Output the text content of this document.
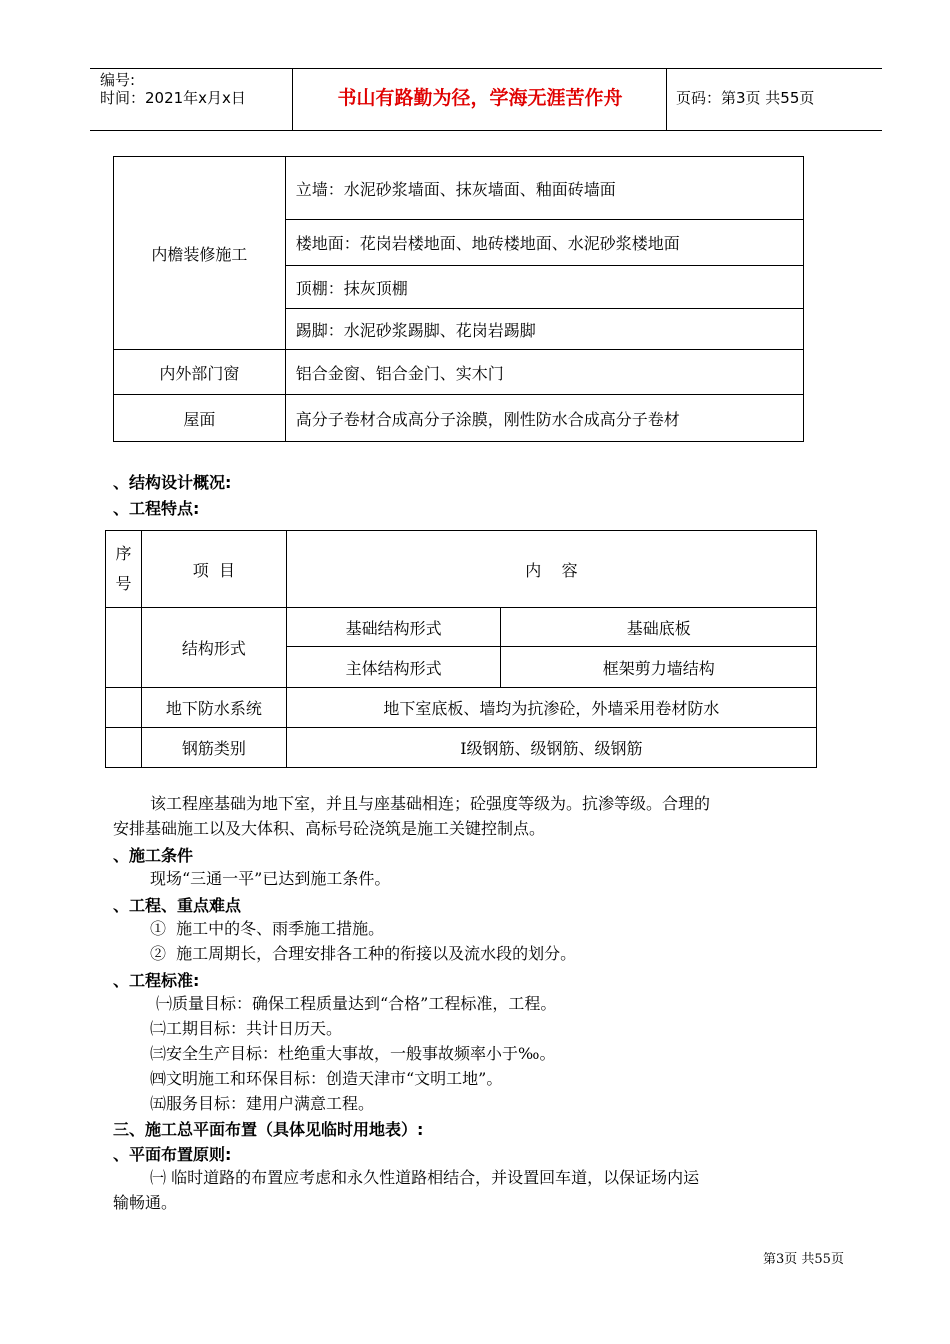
编号:
时间：2021年x月x日	书山有路勤为径，学海无涯苦作舟	页码：第3页 共55页
内檐装修施工	立墙：水泥砂浆墙面、抹灰墙面、釉面砖墙面
	楼地面：花岗岩楼地面、地砖楼地面、水泥砂浆楼地面
	顶棚：抹灰顶棚
	踢脚：水泥砂浆踢脚、花岗岩踢脚
内外部门窗	铝合金窗、铝合金门、实木门
屋面	高分子卷材合成高分子涂膜，刚性防水合成高分子卷材
、结构设计概况:
、工程特点:
序号	项  目	内    容	
	结构形式	基础结构形式	基础底板
		主体结构形式	框架剪力墙结构
	地下防水系统	地下室底板、墙均为抗渗砼，外墙采用卷材防水	
	钢筋类别	Ⅰ级钢筋、级钢筋、级钢筋	
该工程座基础为地下室，并且与座基础相连；砼强度等级为。抗渗等级。合理的
安排基础施工以及大体积、高标号砼浇筑是施工关键控制点。
、施工条件
现场“三通一平”已达到施工条件。
、工程、重点难点
①  施工中的冬、雨季施工措施。
②  施工周期长，合理安排各工种的衔接以及流水段的划分。
、工程标准:
㈠质量目标：确保工程质量达到“合格”工程标准，工程。
㈡工期目标：共计日历天。
㈢安全生产目标：杜绝重大事故，一般事故频率小于‰。
㈣文明施工和环保目标：创造天津市“文明工地”。
㈤服务目标：建用户满意工程。
三、施工总平面布置（具体见临时用地表）:
、平面布置原则:
㈠ 临时道路的布置应考虑和永久性道路相结合，并设置回车道，以保证场内运
输畅通。
第3页 共55页
